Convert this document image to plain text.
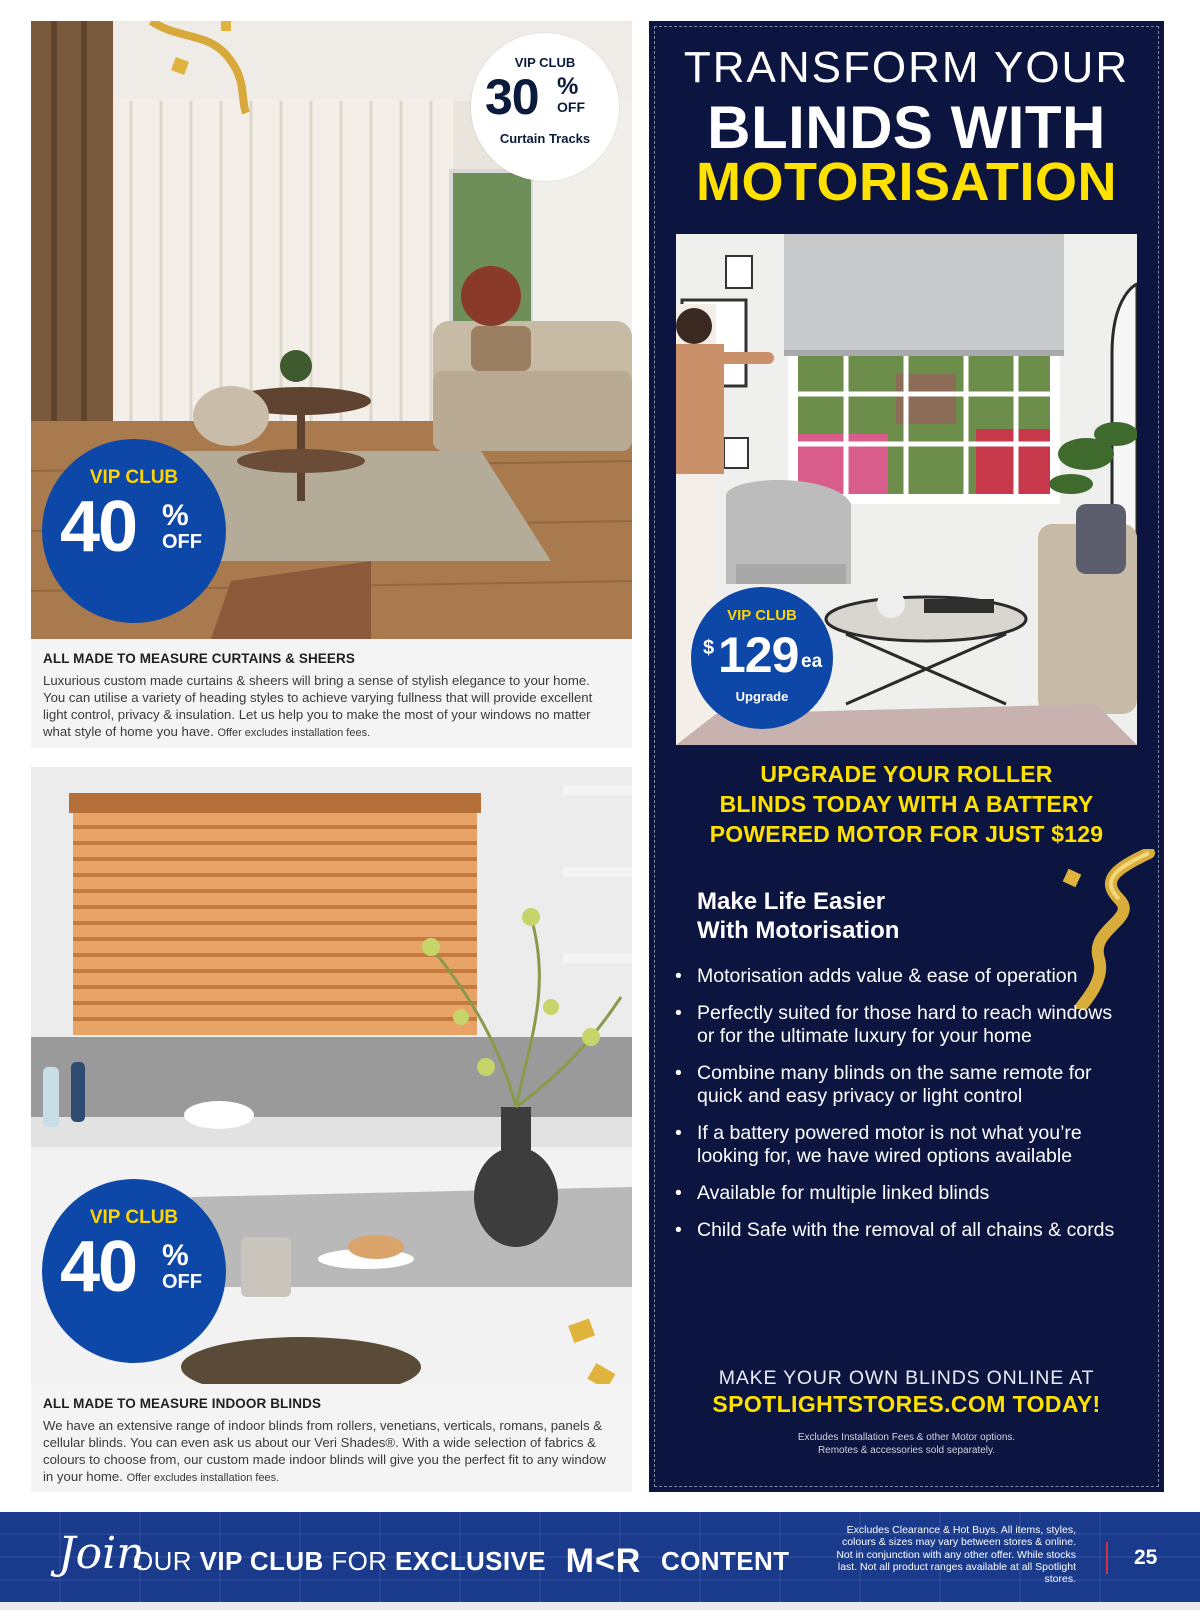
VIP CLUB
30 %
OFF
Curtain Tracks
VIP CLUB
40 %
OFF
ALL MADE TO MEASURE CURTAINS & SHEERS

Luxurious custom made curtains & sheers will bring a sense of stylish elegance to your home. You can utilise a variety of heading styles to achieve varying fullness that will provide excellent light control, privacy & insulation. Let us help you to make the most of your windows no matter what style of home you have. Offer excludes installation fees.

VIP CLUB
40 %
OFF
ALL MADE TO MEASURE INDOOR BLINDS

We have an extensive range of indoor blinds from rollers, venetians, verticals, romans, panels & cellular blinds. You can even ask us about our Veri Shades®. With a wide selection of fabrics & colours to choose from, our custom made indoor blinds will give you the perfect fit to any window in your home. Offer excludes installation fees.

TRANSFORM YOUR
BLINDS WITH
MOTORISATION
VIP CLUB
$ 129 ea
Upgrade
UPGRADE YOUR ROLLER
BLINDS TODAY WITH A BATTERY
POWERED MOTOR FOR JUST $129
Make Life Easier
With Motorisation
• Motorisation adds value & ease of operation
• Perfectly suited for those hard to reach windows or for the ultimate luxury for your home
• Combine many blinds on the same remote for quick and easy privacy or light control
• If a battery powered motor is not what you’re looking for, we have wired options available
• Available for multiple linked blinds
• Child Safe with the removal of all chains & cords
MAKE YOUR OWN BLINDS ONLINE AT
SPOTLIGHTSTORES.COM TODAY!
Excludes Installation Fees & other Motor options.
Remotes & accessories sold separately.
Join
OUR VIP CLUB FOR EXCLUSIVE M<R CONTENT
Excludes Clearance & Hot Buys. All items, styles, colours & sizes may vary between stores & online. Not in conjunction with any other offer. While stocks last. Not all product ranges available at all Spotlight stores.
25
